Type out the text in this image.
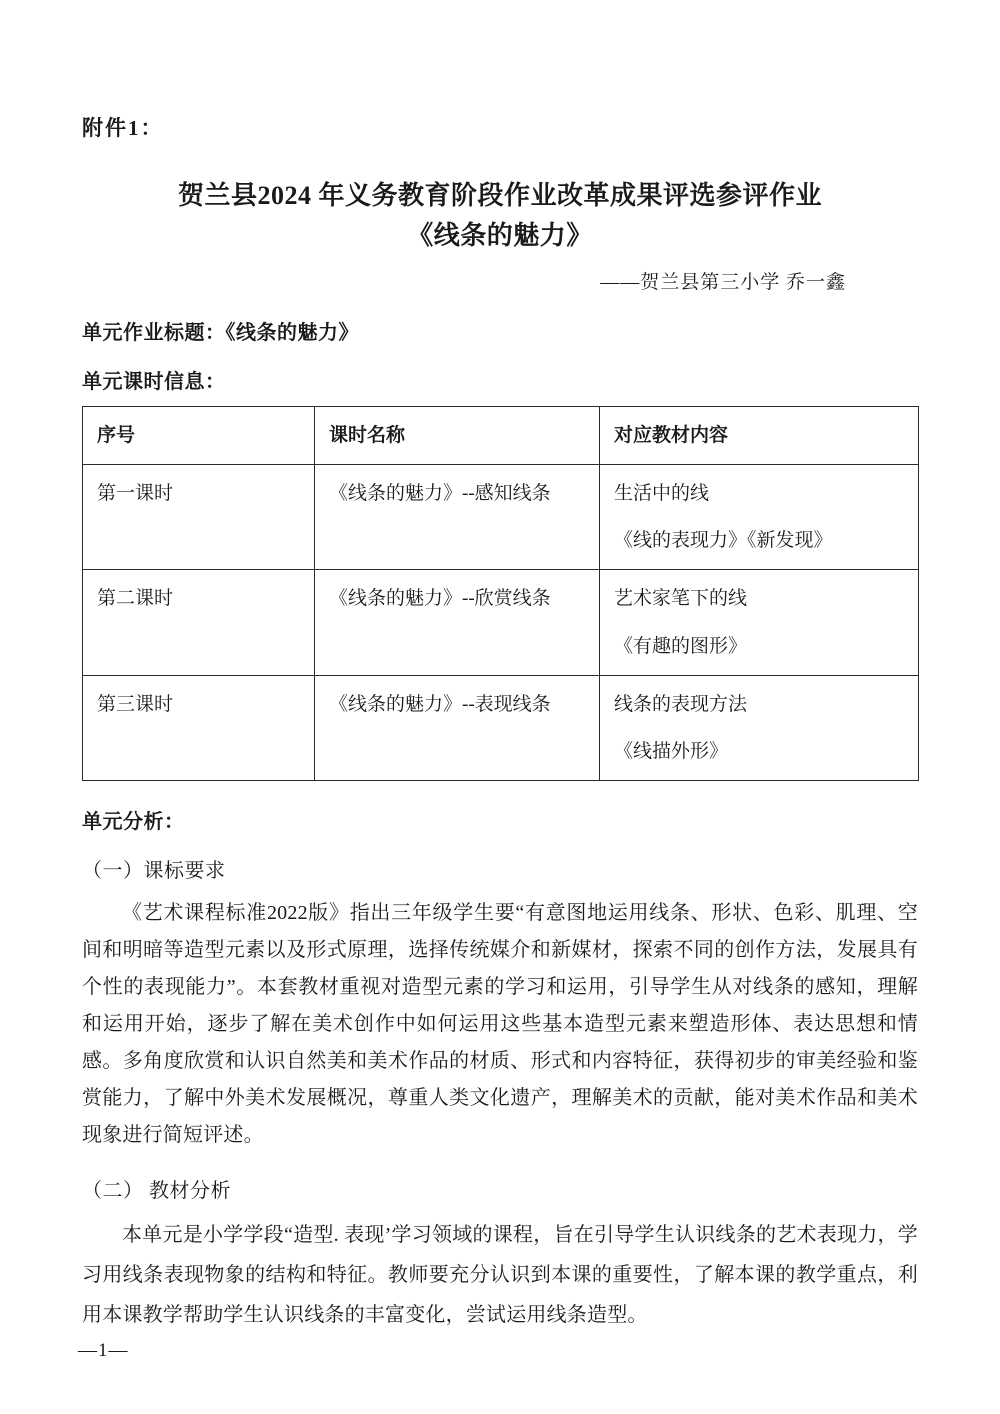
附件1：
贺兰县2024 年义务教育阶段作业改革成果评选参评作业
《线条的魅力》
——贺兰县第三小学 乔一鑫
单元作业标题：《线条的魅力》
单元课时信息：
序号	课时名称	对应教材内容
第一课时	《线条的魅力》--感知线条	生活中的线
《线的表现力》《新发现》

第二课时	《线条的魅力》--欣赏线条	艺术家笔下的线
《有趣的图形》

第三课时	《线条的魅力》--表现线条	线条的表现方法
《线描外形》
单元分析：
（一）课标要求

《艺术课程标准2022版》指出三年级学生要“有意图地运用线条、形状、色彩、肌理、空间和明暗等造型元素以及形式原理，选择传统媒介和新媒材，探索不同的创作方法，发展具有个性的表现能力”。本套教材重视对造型元素的学习和运用，引导学生从对线条的感知，理解和运用开始，逐步了解在美术创作中如何运用这些基本造型元素来塑造形体、表达思想和情感。多角度欣赏和认识自然美和美术作品的材质、形式和内容特征，获得初步的审美经验和鉴赏能力，了解中外美术发展概况，尊重人类文化遗产，理解美术的贡献，能对美术作品和美术现象进行简短评述。

（二） 教材分析

本单元是小学学段“造型. 表现’学习领域的课程，旨在引导学生认识线条的艺术表现力，学习用线条表现物象的结构和特征。教师要充分认识到本课的重要性，了解本课的教学重点，利用本课教学帮助学生认识线条的丰富变化，尝试运用线条造型。

—1—
